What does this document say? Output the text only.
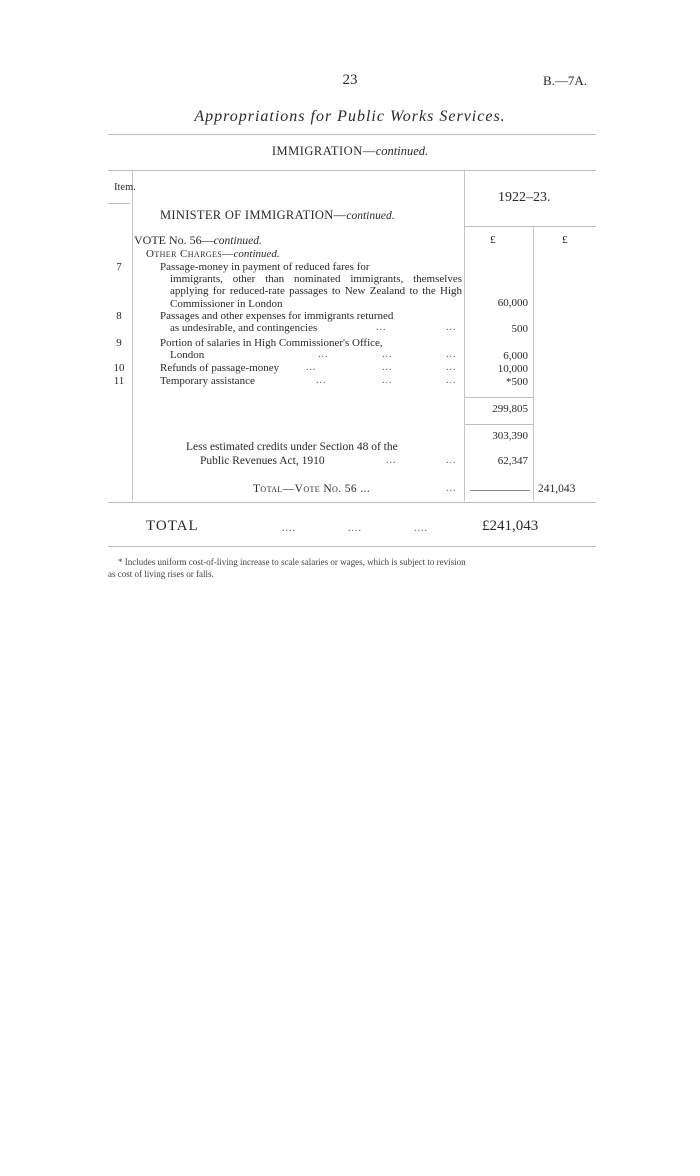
23	B.—7A.
Appropriations for Public Works Services.
IMMIGRATION—continued.
Item.
1922–23.
MINISTER OF IMMIGRATION—continued.
VOTE No. 56—continued.	£	£
Other Charges—continued.
7	Passage-money in payment of reduced fares for
immigrants, other than nominated immigrants, themselves applying for reduced-rate passages to New Zealand to the High Commissioner in London	60,000
8	Passages and other expenses for immigrants returned
as undesirable, and contingencies	...	...	500
9	Portion of salaries in High Commissioner's Office,
London	...	...	...	6,000
10	Refunds of passage-money	...	...	...	10,000
11	Temporary assistance	...	...	...	*500
299,805
303,390
Less estimated credits under Section 48 of the
Public Revenues Act, 1910	...	...	62,347
Total—Vote No. 56 ...	...	241,043
TOTAL	....	....	....	£241,043
* Includes uniform cost-of-living increase to scale salaries or wages, which is subject to revision
as cost of living rises or falls.
